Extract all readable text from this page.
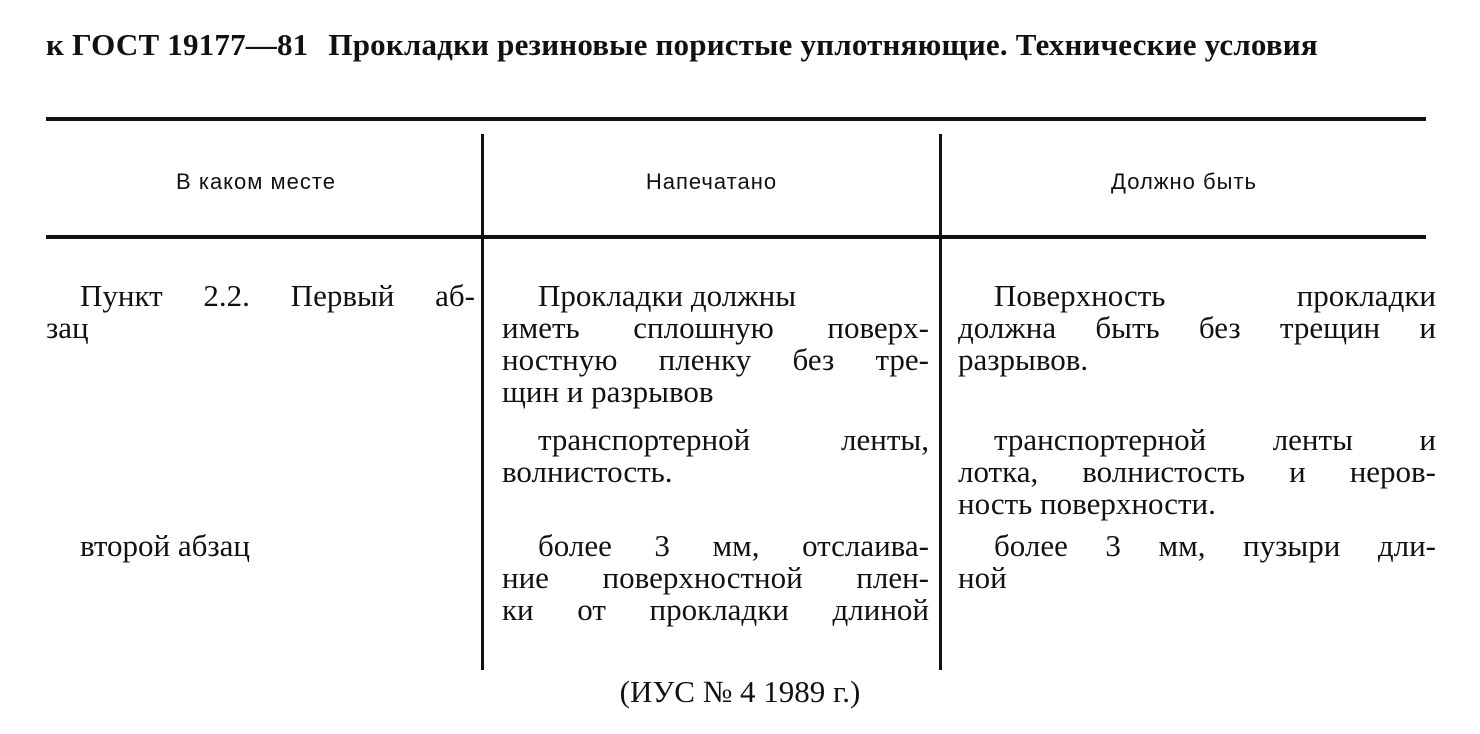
к ГОСТ 19177—81 Прокладки резиновые пористые уплотняющие. Технические условия
В каком месте	Напечатано	Должно быть
Пункт 2.2. Первый аб-
зац
второй абзац
Прокладки должны
иметь сплошную поверх-
ностную пленку без тре-
щин и разрывов
транспортерной ленты,
волнистость.
более 3 мм, отслаива-
ние поверхностной плен-
ки от прокладки длиной
Поверхность прокладки
должна быть без трещин и
разрывов.
транспортерной ленты и
лотка, волнистость и неров-
ность поверхности.
более 3 мм, пузыри дли-
ной
(ИУС № 4 1989 г.)
